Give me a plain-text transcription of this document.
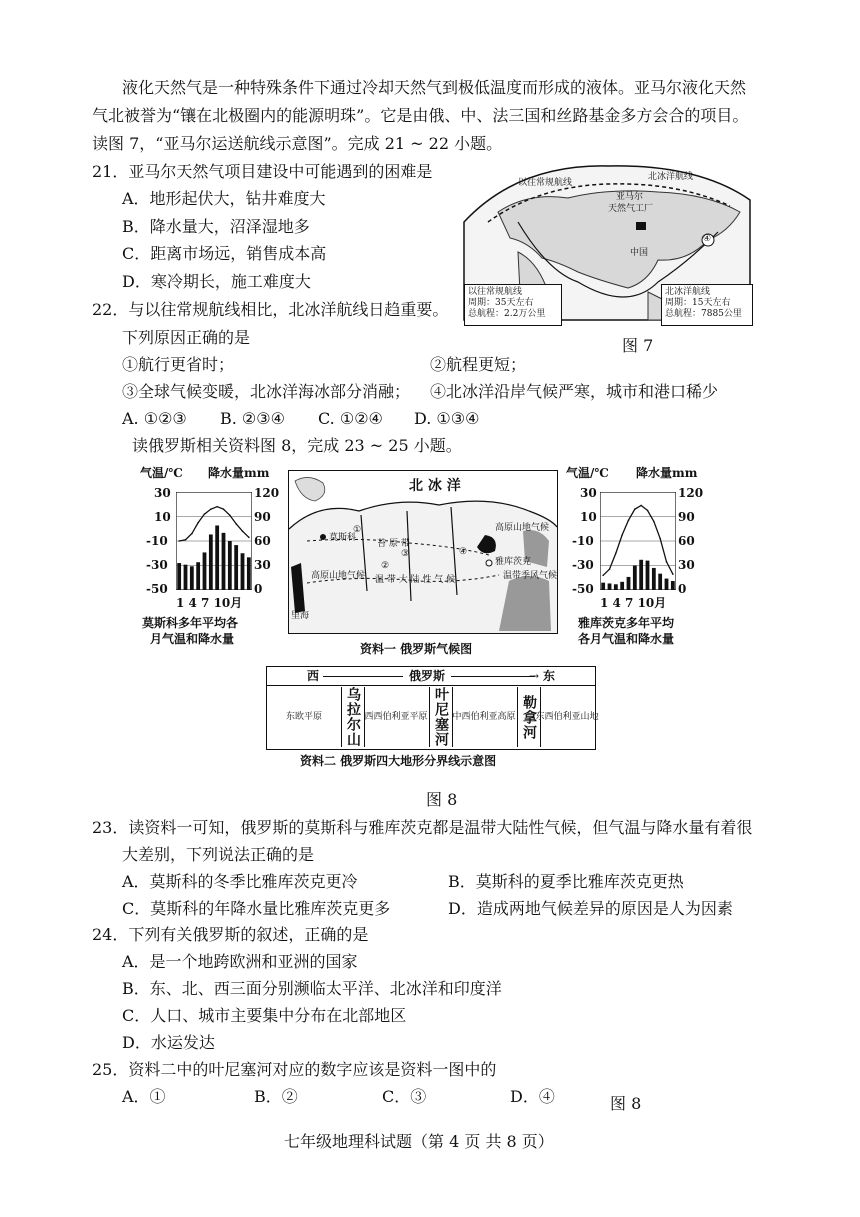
液化天然气是一种特殊条件下通过冷却天然气到极低温度而形成的液体。亚马尔液化天然
气北被誉为“镶在北极圈内的能源明珠”。它是由俄、中、法三国和丝路基金多方会合的项目。
读图 7，“亚马尔运送航线示意图”。完成 21 ~ 22 小题。
21．亚马尔天然气项目建设中可能遇到的困难是
A．地形起伏大，钻井难度大
B．降水量大，沼泽湿地多
C．距离市场远，销售成本高
D．寒冷期长，施工难度大
北冰洋航线
以往常规航线
亚马尔
天然气工厂
中国
④
以往常规航线
周期：35天左右
总航程：2.2万公里
北冰洋航线
周期：15天左右
总航程：7885公里
图 7
22．与以往常规航线相比，北冰洋航线日趋重要。
下列原因正确的是
①航行更省时；	②航程更短；
③全球气候变暖，北冰洋海冰部分消融； ④北冰洋沿岸气候严寒，城市和港口稀少
A. ①②③ B. ②③④ C. ①②④ D. ①③④
读俄罗斯相关资料图 8，完成 23 ~ 25 小题。
气温/℃ 降水量mm
30
10
-10
-30
-50
120
90
60
30
0
1 4 7 10月
莫斯科多年平均各
月气温和降水量
北 冰 洋
莫斯科
雅库茨克
苔 原 带
高原山地气候
温 带 大 陆 性 气 候
高原山地气候	温带季风气候
里海
①
②
③	④
资料一 俄罗斯气候图
气温/℃ 降水量mm
30
10
-10
-30
-50
120
90
60
30
0
1 4 7 10月
雅库茨克多年平均
各月气温和降水量
西	俄罗斯	→ 东
东欧平原	乌拉尔山 西西伯利亚平原 叶尼塞河 中西伯利亚高原 勒拿河
东西伯利亚山地
资料二 俄罗斯四大地形分界线示意图
图 8
23．读资料一可知，俄罗斯的莫斯科与雅库茨克都是温带大陆性气候，但气温与降水量有着很
大差别，下列说法正确的是
A．莫斯科的冬季比雅库茨克更冷	B．莫斯科的夏季比雅库茨克更热
C．莫斯科的年降水量比雅库茨克更多	D．造成两地气候差异的原因是人为因素
24．下列有关俄罗斯的叙述，正确的是
A．是一个地跨欧洲和亚洲的国家
B．东、北、西三面分别濒临太平洋、北冰洋和印度洋
C．人口、城市主要集中分布在北部地区
D．水运发达
25．资料二中的叶尼塞河对应的数字应该是资料一图中的
A．①	B．②	C．③	D．④	图 8
七年级地理科试题（第 4 页 共 8 页）
